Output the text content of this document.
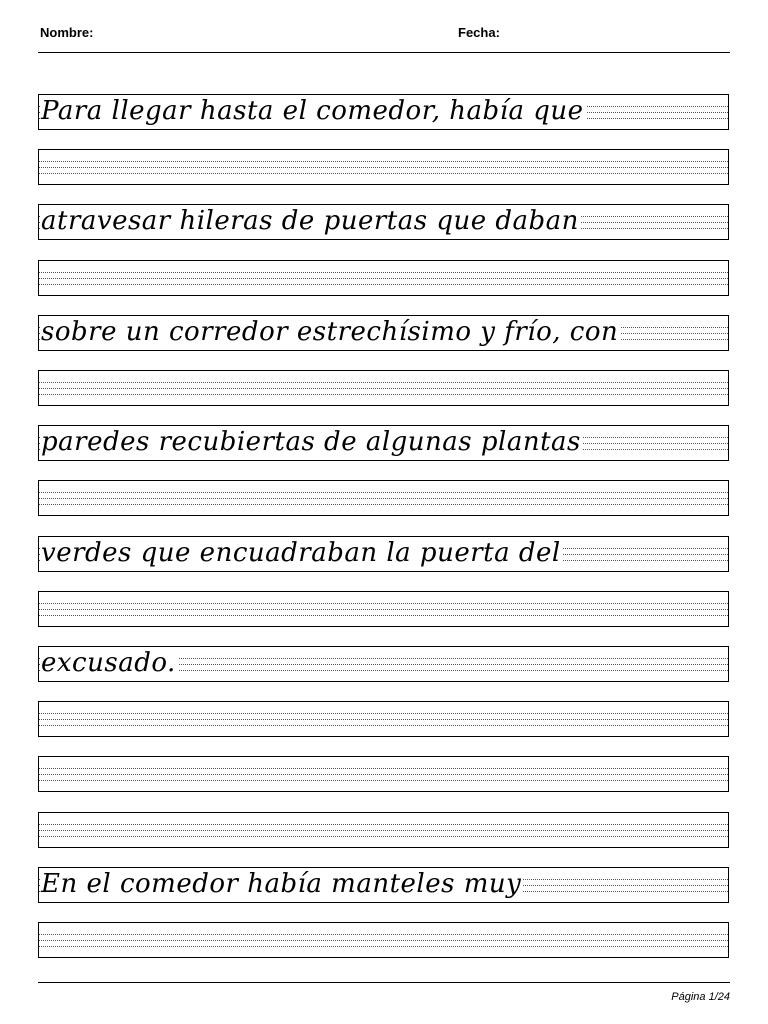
Nombre:	Fecha:
Para llegar hasta el comedor, había que
atravesar hileras de puertas que daban
sobre un corredor estrechísimo y frío, con
paredes recubiertas de algunas plantas
verdes que encuadraban la puerta del
excusado.
En el comedor había manteles muy
Página 1/24
